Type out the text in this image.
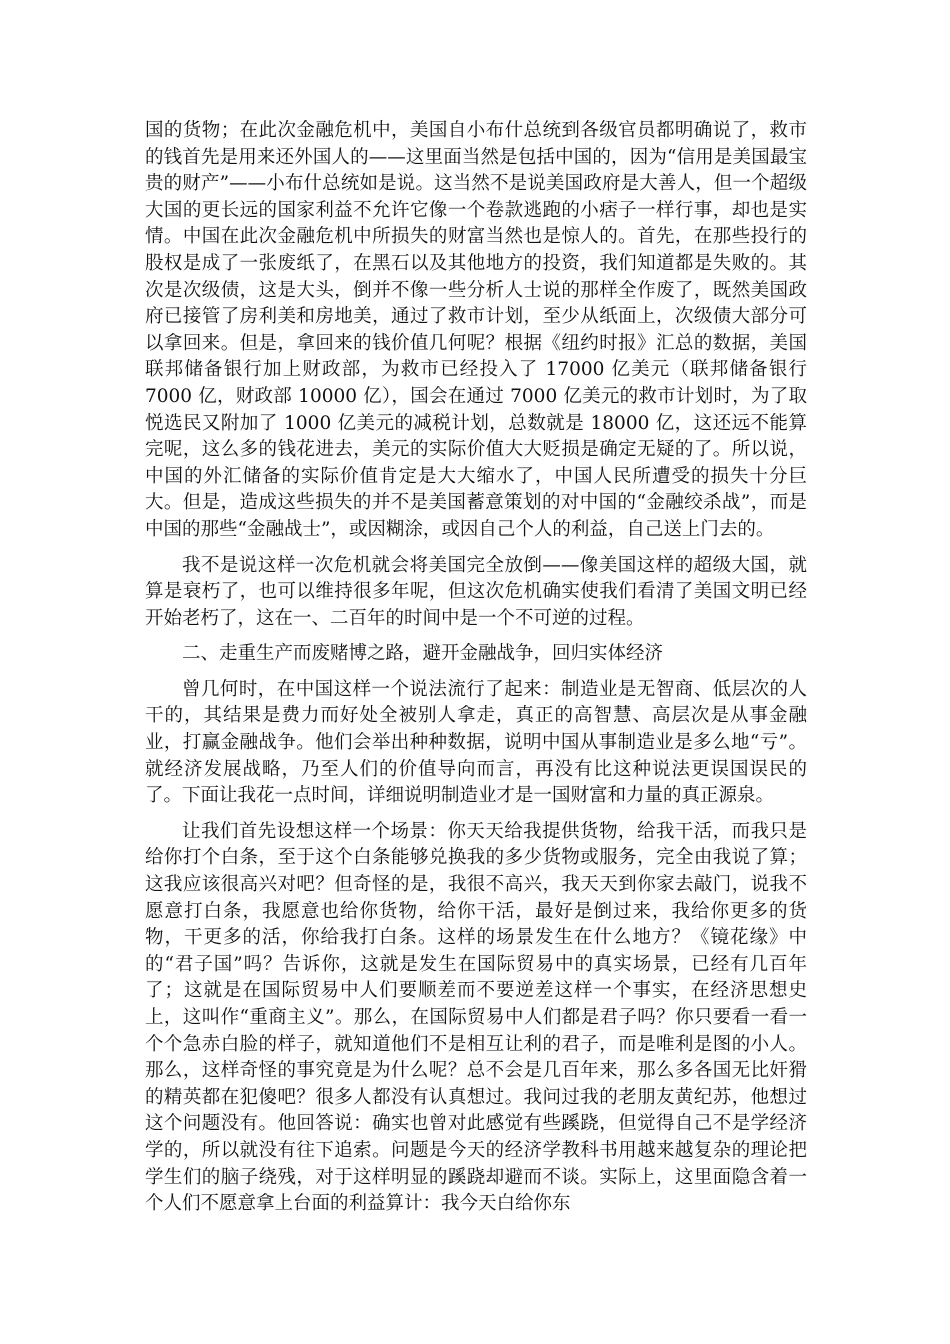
国的货物；在此次金融危机中，美国自小布什总统到各级官员都明确说了，救市的钱首先是用来还外国人的——这里面当然是包括中国的，因为“信用是美国最宝贵的财产”——小布什总统如是说。这当然不是说美国政府是大善人，但一个超级大国的更长远的国家利益不允许它像一个卷款逃跑的小痞子一样行事，却也是实情。中国在此次金融危机中所损失的财富当然也是惊人的。首先，在那些投行的股权是成了一张废纸了，在黑石以及其他地方的投资，我们知道都是失败的。其次是次级债，这是大头，倒并不像一些分析人士说的那样全作废了，既然美国政府已接管了房利美和房地美，通过了救市计划，至少从纸面上，次级债大部分可以拿回来。但是，拿回来的钱价值几何呢？根据《纽约时报》汇总的数据，美国联邦储备银行加上财政部，为救市已经投入了 17000 亿美元（联邦储备银行 7000 亿，财政部 10000 亿），国会在通过 7000 亿美元的救市计划时，为了取悦选民又附加了 1000 亿美元的减税计划，总数就是 18000 亿，这还远不能算完呢，这么多的钱花进去，美元的实际价值大大贬损是确定无疑的了。所以说，中国的外汇储备的实际价值肯定是大大缩水了，中国人民所遭受的损失十分巨大。但是，造成这些损失的并不是美国蓄意策划的对中国的“金融绞杀战”，而是中国的那些“金融战士”，或因糊涂，或因自己个人的利益，自己送上门去的。

我不是说这样一次危机就会将美国完全放倒——像美国这样的超级大国，就算是衰朽了，也可以维持很多年呢，但这次危机确实使我们看清了美国文明已经开始老朽了，这在一、二百年的时间中是一个不可逆的过程。

二、走重生产而废赌博之路，避开金融战争，回归实体经济

曾几何时，在中国这样一个说法流行了起来：制造业是无智商、低层次的人干的，其结果是费力而好处全被别人拿走，真正的高智慧、高层次是从事金融业，打赢金融战争。他们会举出种种数据，说明中国从事制造业是多么地“亏”。就经济发展战略，乃至人们的价值导向而言，再没有比这种说法更误国误民的了。下面让我花一点时间，详细说明制造业才是一国财富和力量的真正源泉。

让我们首先设想这样一个场景：你天天给我提供货物，给我干活，而我只是给你打个白条，至于这个白条能够兑换我的多少货物或服务，完全由我说了算；这我应该很高兴对吧？但奇怪的是，我很不高兴，我天天到你家去敲门，说我不愿意打白条，我愿意也给你货物，给你干活，最好是倒过来，我给你更多的货物，干更多的活，你给我打白条。这样的场景发生在什么地方？《镜花缘》中的“君子国”吗？告诉你，这就是发生在国际贸易中的真实场景，已经有几百年了；这就是在国际贸易中人们要顺差而不要逆差这样一个事实，在经济思想史上，这叫作“重商主义”。那么，在国际贸易中人们都是君子吗？你只要看一看一个个急赤白脸的样子，就知道他们不是相互让利的君子，而是唯利是图的小人。那么，这样奇怪的事究竟是为什么呢？总不会是几百年来，那么多各国无比奸猾的精英都在犯傻吧？很多人都没有认真想过。我问过我的老朋友黄纪苏，他想过这个问题没有。他回答说：确实也曾对此感觉有些蹊跷，但觉得自己不是学经济学的，所以就没有往下追索。问题是今天的经济学教科书用越来越复杂的理论把学生们的脑子绕残，对于这样明显的蹊跷却避而不谈。实际上，这里面隐含着一个人们不愿意拿上台面的利益算计：我今天白给你东
